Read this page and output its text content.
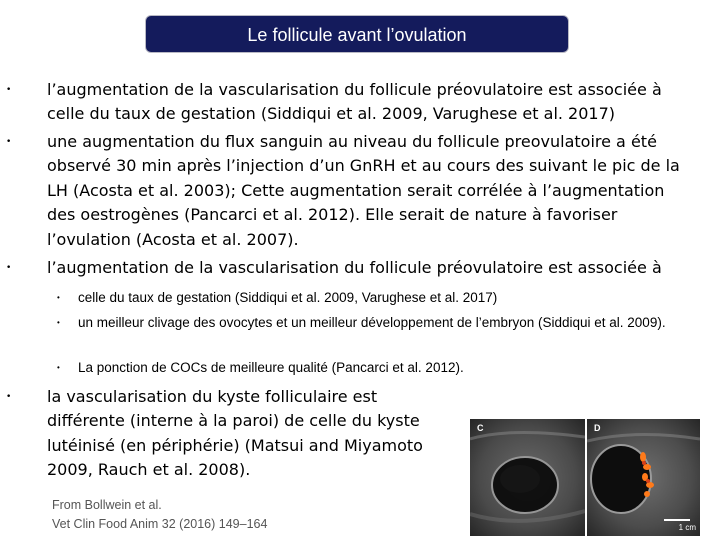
Le follicule avant l’ovulation
•
l’augmentation de la vascularisation du follicule préovulatoire est associée à celle du taux de gestation (Siddiqui et al. 2009, Varughese et al. 2017)
•
une augmentation du flux sanguin au niveau du follicule preovulatoire a été observé 30 min après l’injection d’un GnRH et au cours des suivant le pic de la LH (Acosta et al. 2003); Cette augmentation serait corrélée à l’augmentation des oestrogènes (Pancarci et al. 2012). Elle serait de nature à favoriser l’ovulation (Acosta et al. 2007).
•
l’augmentation de la vascularisation du follicule préovulatoire est associée à
•
celle du taux de gestation (Siddiqui et al. 2009, Varughese et al. 2017)
•
un meilleur clivage des ovocytes et un meilleur développement de l’embryon (Siddiqui et al. 2009).
•
La ponction de COCs de meilleure qualité (Pancarci et al. 2012).
•
la vascularisation du kyste folliculaire est différente (interne à la paroi) de celle du kyste lutéinisé (en périphérie) (Matsui and Miyamoto 2009, Rauch et al. 2008).
C	D
1 cm
From Bollwein et al.
Vet Clin Food Anim 32 (2016) 149–164
